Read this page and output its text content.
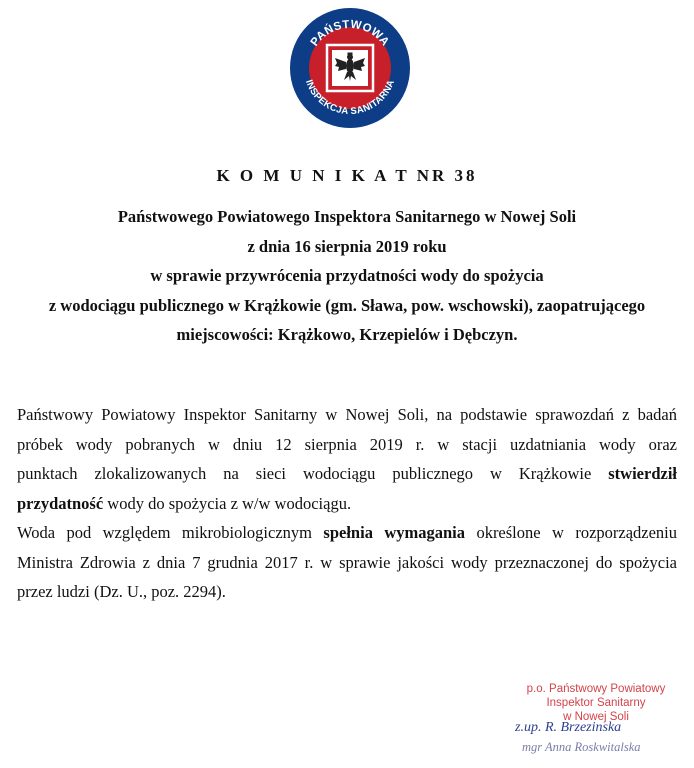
PAŃSTWOWA
INSPEKCJA SANITARNA
K O M U N I K A T NR 38
Państwowego Powiatowego Inspektora Sanitarnego w Nowej Soli
z dnia 16 sierpnia 2019 roku
w sprawie przywrócenia przydatności wody do spożycia
z wodociągu publicznego w Krążkowie (gm. Sława, pow. wschowski), zaopatrującego
miejscowości: Krążkowo, Krzepielów i Dębczyn.
Państwowy Powiatowy Inspektor Sanitarny w Nowej Soli, na podstawie sprawozdań z badań
próbek wody pobranych w dniu 12 sierpnia 2019 r. w stacji uzdatniania wody oraz
punktach zlokalizowanych na sieci wodociągu publicznego w Krążkowie stwierdził
przydatność wody do spożycia z w/w wodociągu.
Woda pod względem mikrobiologicznym spełnia wymagania określone w rozporządzeniu
Ministra Zdrowia z dnia 7 grudnia 2017 r. w sprawie jakości wody przeznaczonej do spożycia
przez ludzi (Dz. U., poz. 2294).
p.o. Państwowy Powiatowy
Inspektor Sanitarny
w Nowej Soli
z.up. R. Brzezinska
mgr Anna Roskwitalska
